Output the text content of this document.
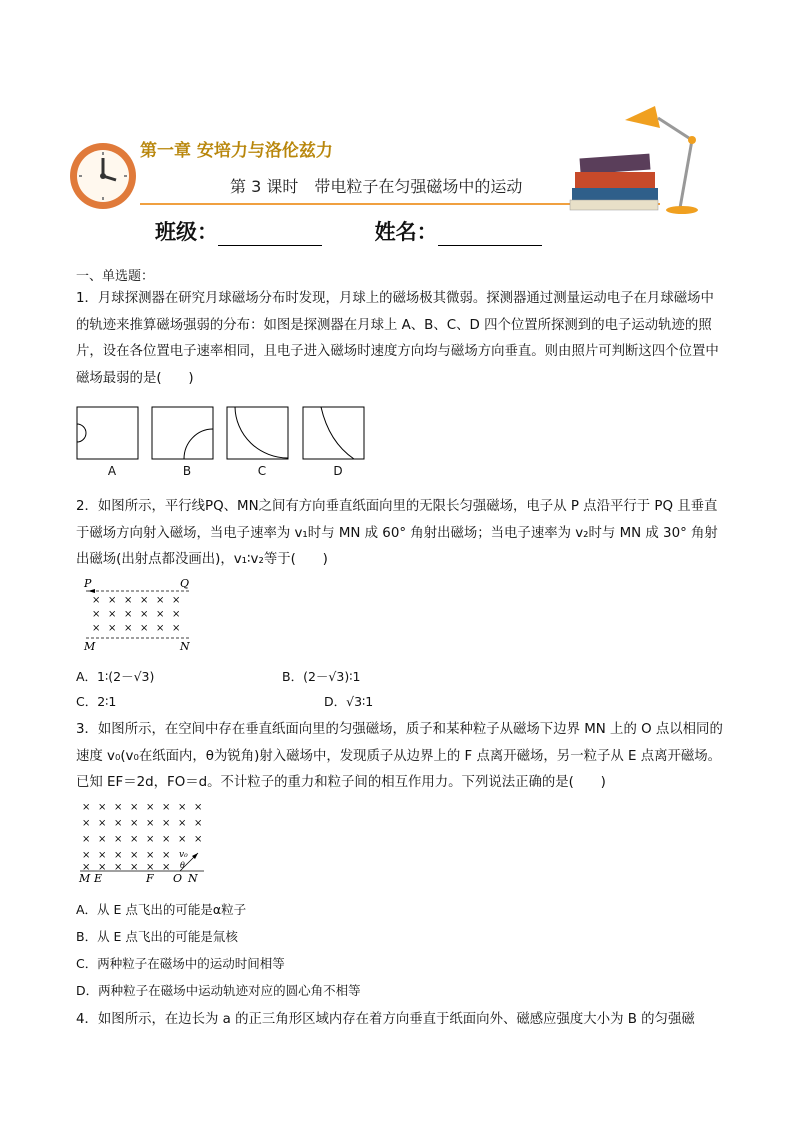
第一章 安培力与洛伦兹力
第 3 课时　带电粒子在匀强磁场中的运动
班级：	姓名：
一、单选题：
1．月球探测器在研究月球磁场分布时发现，月球上的磁场极其微弱。探测器通过测量运动电子在月球磁场中的轨迹来推算磁场强弱的分布：如图是探测器在月球上 A、B、C、D 四个位置所探测到的电子运动轨迹的照片，设在各位置电子速率相同，且电子进入磁场时速度方向均与磁场方向垂直。则由照片可判断这四个位置中磁场最弱的是(　　)
A	B	C	D
2．如图所示，平行线PQ、MN之间有方向垂直纸面向里的无限长匀强磁场，电子从 P 点沿平行于 PQ 且垂直于磁场方向射入磁场，当电子速率为 v₁时与 MN 成 60° 角射出磁场；当电子速率为 v₂时与 MN 成 30° 角射出磁场(出射点都没画出)，v₁∶v₂等于(　　)
P	Q
× × × × × ×
× × × × × ×
× × × × × ×
M	N
A．1∶(2－√3)	B．(2－√3)∶1
C．2∶1	D．√3∶1
3．如图所示，在空间中存在垂直纸面向里的匀强磁场，质子和某种粒子从磁场下边界 MN 上的 O 点以相同的速度 v₀(v₀在纸面内，θ为锐角)射入磁场中，发现质子从边界上的 F 点离开磁场，另一粒子从 E 点离开磁场。已知 EF＝2d，FO＝d。不计粒子的重力和粒子间的相互作用力。下列说法正确的是(　　)
× × × × × × × ×
× × × × × × × ×
× × × × × × × ×
× × × × × ×
× × × × × ×
v₀
θ
M E	F O N
A．从 E 点飞出的可能是α粒子
B．从 E 点飞出的可能是氚核
C．两种粒子在磁场中的运动时间相等
D．两种粒子在磁场中运动轨迹对应的圆心角不相等
4．如图所示，在边长为 a 的正三角形区域内存在着方向垂直于纸面向外、磁感应强度大小为 B 的匀强磁
